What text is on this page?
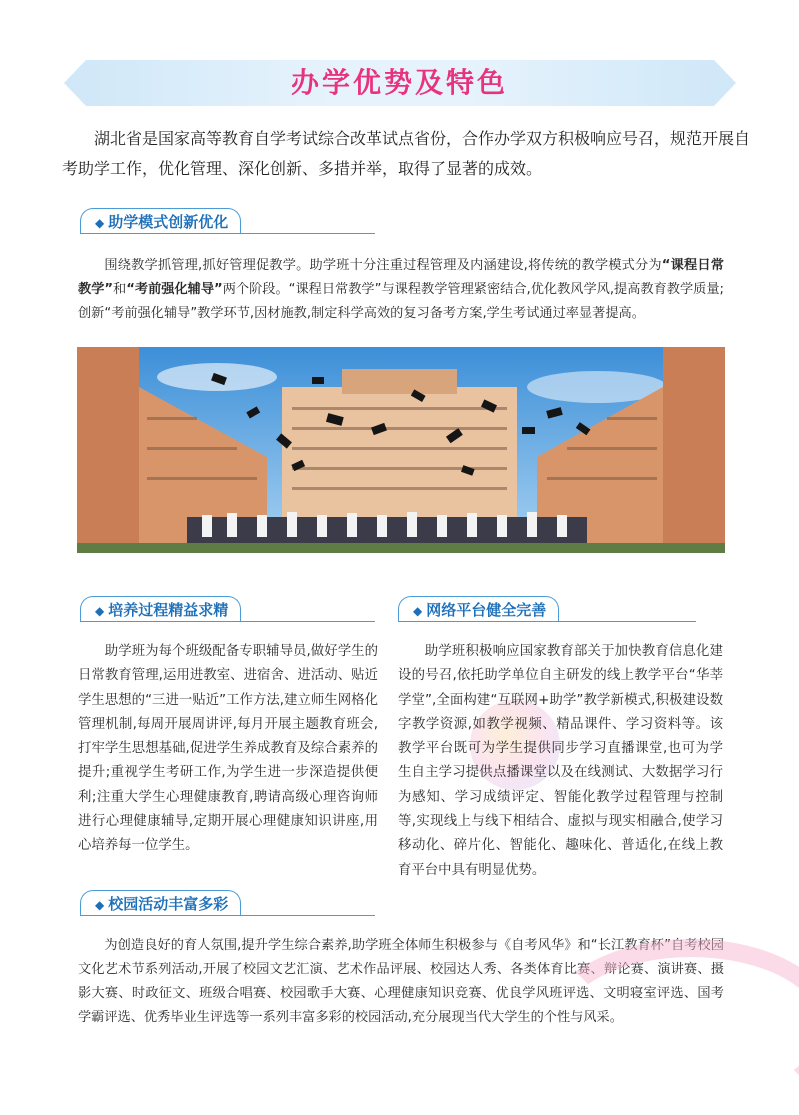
办学优势及特色
湖北省是国家高等教育自学考试综合改革试点省份，合作办学双方积极响应号召，规范开展自考助学工作，优化管理、深化创新、多措并举，取得了显著的成效。
◆ 助学模式创新优化
围绕教学抓管理,抓好管理促教学。助学班十分注重过程管理及内涵建设,将传统的教学模式分为“课程日常教学”和“考前强化辅导”两个阶段。“课程日常教学”与课程教学管理紧密结合,优化教风学风,提高教育教学质量;创新“考前强化辅导”教学环节,因材施教,制定科学高效的复习备考方案,学生考试通过率显著提高。
◆ 培养过程精益求精
助学班为每个班级配备专职辅导员,做好学生的日常教育管理,运用进教室、进宿舍、进活动、贴近学生思想的“三进一贴近”工作方法,建立师生网格化管理机制,每周开展周讲评,每月开展主题教育班会,打牢学生思想基础,促进学生养成教育及综合素养的提升;重视学生考研工作,为学生进一步深造提供便利;注重大学生心理健康教育,聘请高级心理咨询师进行心理健康辅导,定期开展心理健康知识讲座,用心培养每一位学生。
◆ 网络平台健全完善
助学班积极响应国家教育部关于加快教育信息化建设的号召,依托助学单位自主研发的线上教学平台“华莘学堂”,全面构建“互联网+助学”教学新模式,积极建设数字教学资源,如教学视频、精品课件、学习资料等。该教学平台既可为学生提供同步学习直播课堂,也可为学生自主学习提供点播课堂以及在线测试、大数据学习行为感知、学习成绩评定、智能化教学过程管理与控制等,实现线上与线下相结合、虚拟与现实相融合,使学习移动化、碎片化、智能化、趣味化、普适化,在线上教育平台中具有明显优势。
◆ 校园活动丰富多彩
为创造良好的育人氛围,提升学生综合素养,助学班全体师生积极参与《自考风华》和“长江教育杯”自考校园文化艺术节系列活动,开展了校园文艺汇演、艺术作品评展、校园达人秀、各类体育比赛、辩论赛、演讲赛、摄影大赛、时政征文、班级合唱赛、校园歌手大赛、心理健康知识竞赛、优良学风班评选、文明寝室评选、国考学霸评选、优秀毕业生评选等一系列丰富多彩的校园活动,充分展现当代大学生的个性与风采。
